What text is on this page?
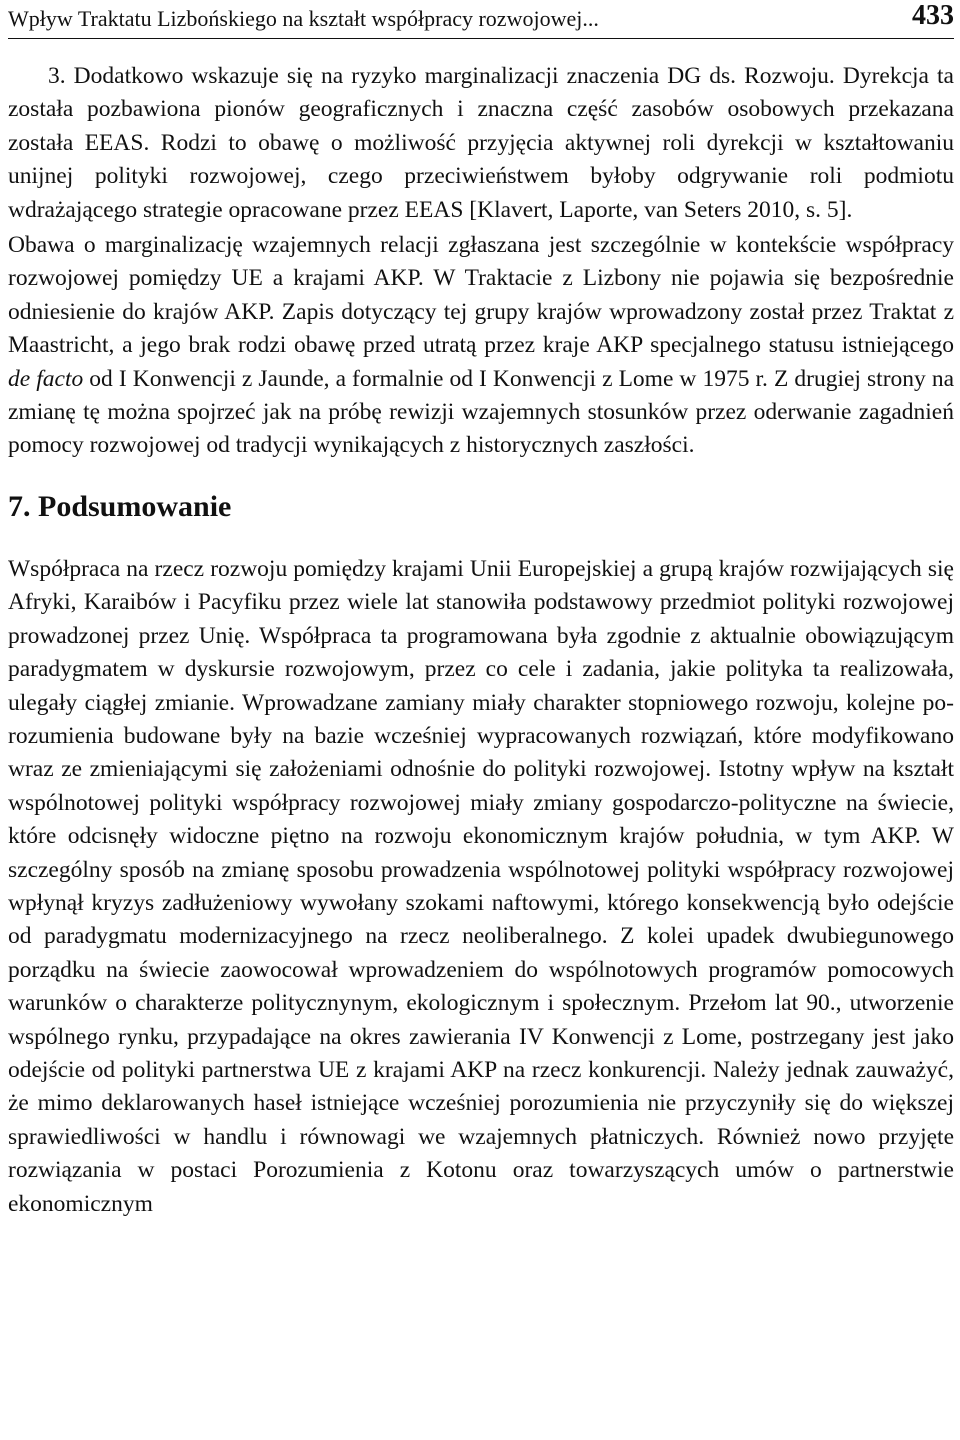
Wpływ Traktatu Lizbońskiego na kształt współpracy rozwojowej...	433

3. Dodatkowo wskazuje się na ryzyko marginalizacji znaczenia DG ds. Rozwoju. Dyrekcja ta została pozbawiona pionów geograficznych i znaczna część zasobów osobowych przekazana została EEAS. Rodzi to obawę o możliwość przyjęcia aktywnej roli dyrekcji w kształtowaniu unijnej polityki rozwojowej, czego przeciwieństwem byłoby odgrywanie roli podmiotu wdrażającego strategie opracowane przez EEAS [Klavert, Laporte, van Seters 2010, s. 5].

Obawa o marginalizację wzajemnych relacji zgłaszana jest szczególnie w kontekście współpracy rozwojowej pomiędzy UE a krajami AKP. W Traktacie z Lizbony nie pojawia się bezpośrednie odniesienie do krajów AKP. Zapis dotyczący tej grupy krajów wprowadzony został przez Traktat z Maastricht, a jego brak rodzi obawę przed utratą przez kraje AKP specjalnego statusu istniejącego de facto od I Konwencji z Jaunde, a formalnie od I Konwencji z Lome w 1975 r. Z drugiej strony na zmianę tę można spojrzeć jak na próbę rewizji wzajemnych stosunków przez oderwanie zagadnień pomocy rozwojowej od tradycji wynikających z historycznych zaszłości.

7. Podsumowanie

Współpraca na rzecz rozwoju pomiędzy krajami Unii Europejskiej a grupą krajów rozwijających się Afryki, Karaibów i Pacyfiku przez wiele lat stanowiła podstawowy przedmiot polityki rozwojowej prowadzonej przez Unię. Współpraca ta programowana była zgodnie z aktualnie obowiązującym paradygmatem w dyskursie rozwojowym, przez co cele i zadania, jakie polityka ta realizowała, ulegały ciągłej zmianie. Wprowadzane zamiany miały charakter stopniowego rozwoju, kolejne porozumienia budowane były na bazie wcześniej wypracowanych rozwiązań, które modyfikowano wraz ze zmieniającymi się założeniami odnośnie do polityki rozwojowej. Istotny wpływ na kształt wspólnotowej polityki współpracy rozwojowej miały zmiany gospodarczo-polityczne na świecie, które odcisnęły widoczne piętno na rozwoju ekonomicznym krajów południa, w tym AKP. W szczególny sposób na zmianę sposobu prowadzenia wspólnotowej polityki współpracy rozwojowej wpłynął kryzys zadłużeniowy wywołany szokami naftowymi, którego konsekwencją było odejście od paradygmatu modernizacyjnego na rzecz neoliberalnego. Z kolei upadek dwubiegunowego porządku na świecie zaowocował wprowadzeniem do wspólnotowych programów pomocowych warunków o charakterze politycznynym, ekologicznym i społecznym. Przełom lat 90., utworzenie wspólnego rynku, przypadające na okres zawierania IV Konwencji z Lome, postrzegany jest jako odejście od polityki partnerstwa UE z krajami AKP na rzecz konkurencji. Należy jednak zauważyć, że mimo deklarowanych haseł istniejące wcześniej porozumienia nie przyczyniły się do większej sprawiedliwości w handlu i równowagi we wzajemnych płatniczych. Również nowo przyjęte rozwiązania w postaci Porozumienia z Kotonu oraz towarzyszących umów o partnerstwie ekonomicznym
